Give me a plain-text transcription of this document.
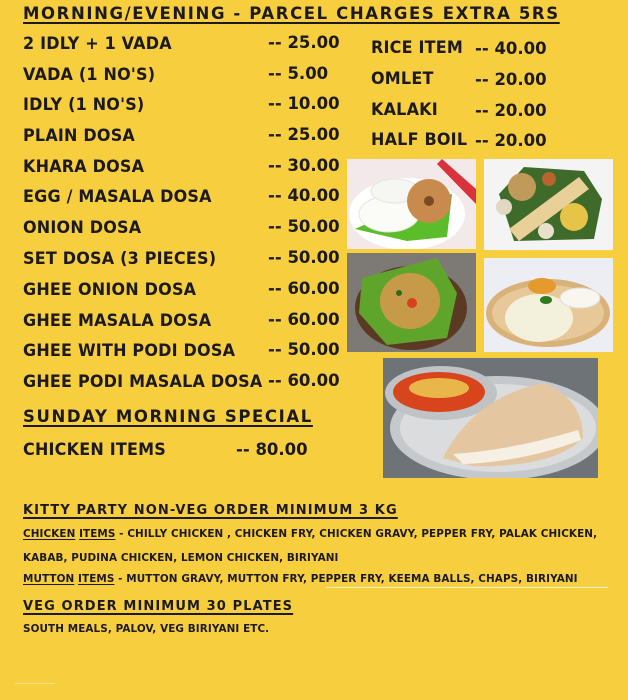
MORNING/EVENING - PARCEL CHARGES EXTRA 5RS
2 IDLY + 1 VADA	-- 25.00
VADA (1 NO'S)	-- 5.00
IDLY (1 NO'S)	-- 10.00
PLAIN DOSA	-- 25.00
KHARA DOSA	-- 30.00
EGG / MASALA DOSA	-- 40.00
ONION DOSA	-- 50.00
SET DOSA (3 PIECES)	-- 50.00
GHEE ONION DOSA	-- 60.00
GHEE MASALA DOSA	-- 60.00
GHEE WITH PODI DOSA -- 50.00
GHEE PODI MASALA DOSA -- 60.00
RICE ITEM -- 40.00
OMLET	-- 20.00
KALAKI -- 20.00
HALF BOIL -- 20.00
SUNDAY MORNING SPECIAL
CHICKEN ITEMS	-- 80.00
KITTY PARTY NON-VEG ORDER MINIMUM 3 KG
CHICKEN ITEMS - CHILLY CHICKEN , CHICKEN FRY, CHICKEN GRAVY, PEPPER FRY, PALAK CHICKEN,
KABAB, PUDINA CHICKEN, LEMON CHICKEN, BIRIYANI
MUTTON ITEMS - MUTTON GRAVY, MUTTON FRY, PEPPER FRY, KEEMA BALLS, CHAPS, BIRIYANI
VEG ORDER MINIMUM 30 PLATES
SOUTH MEALS, PALOV, VEG BIRIYANI ETC.
